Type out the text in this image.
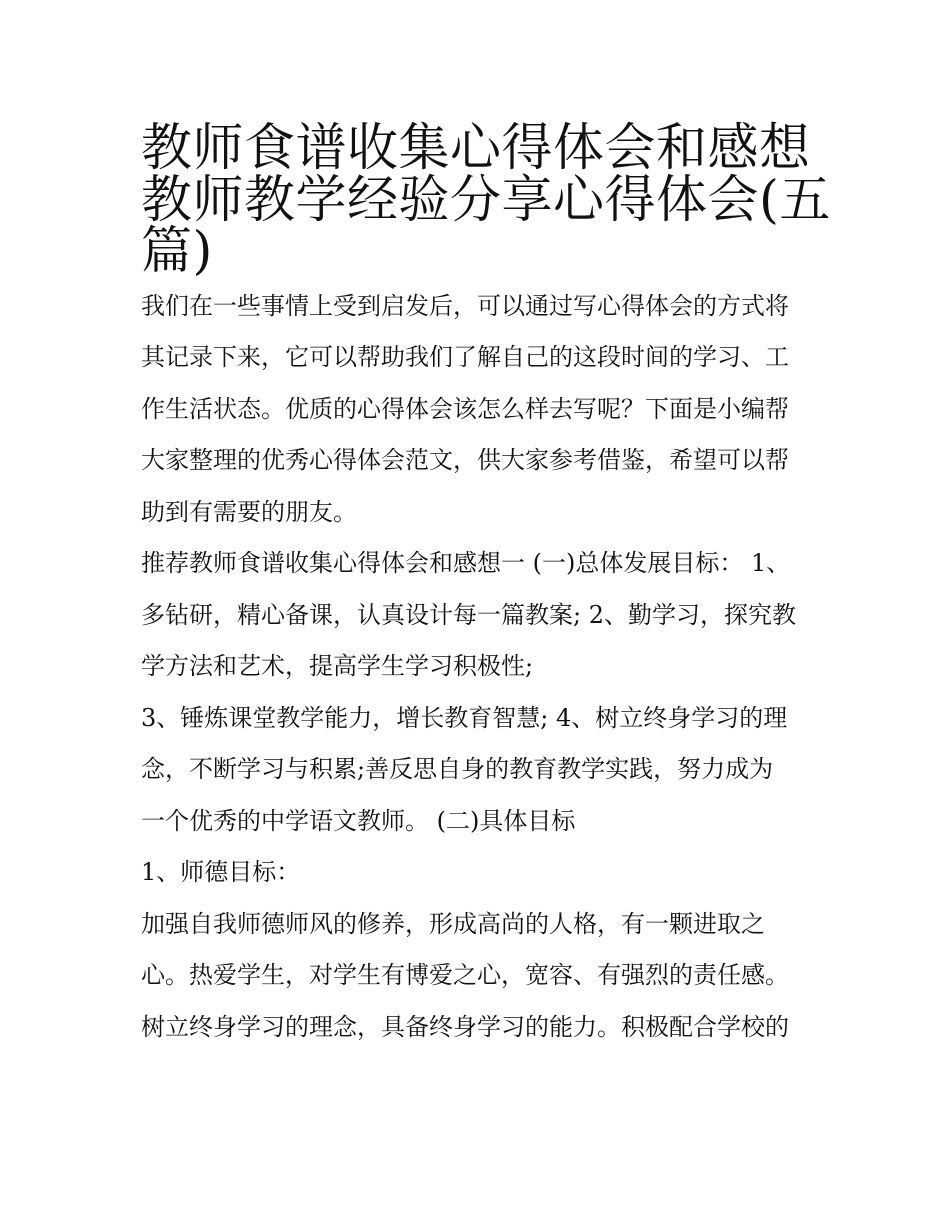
教师食谱收集心得体会和感想
教师教学经验分享心得体会(五
篇)
我们在一些事情上受到启发后，可以通过写心得体会的方式将
其记录下来，它可以帮助我们了解自己的这段时间的学习、工
作生活状态。优质的心得体会该怎么样去写呢？下面是小编帮
大家整理的优秀心得体会范文，供大家参考借鉴，希望可以帮
助到有需要的朋友。
推荐教师食谱收集心得体会和感想一 (一)总体发展目标： 1、
多钻研，精心备课，认真设计每一篇教案; 2、勤学习，探究教
学方法和艺术，提高学生学习积极性;
3、锤炼课堂教学能力，增长教育智慧; 4、树立终身学习的理
念，不断学习与积累;善反思自身的教育教学实践，努力成为
一个优秀的中学语文教师。 (二)具体目标
1、师德目标：
加强自我师德师风的修养，形成高尚的人格，有一颗进取之
心。热爱学生，对学生有博爱之心，宽容、有强烈的责任感。
树立终身学习的理念，具备终身学习的能力。积极配合学校的
